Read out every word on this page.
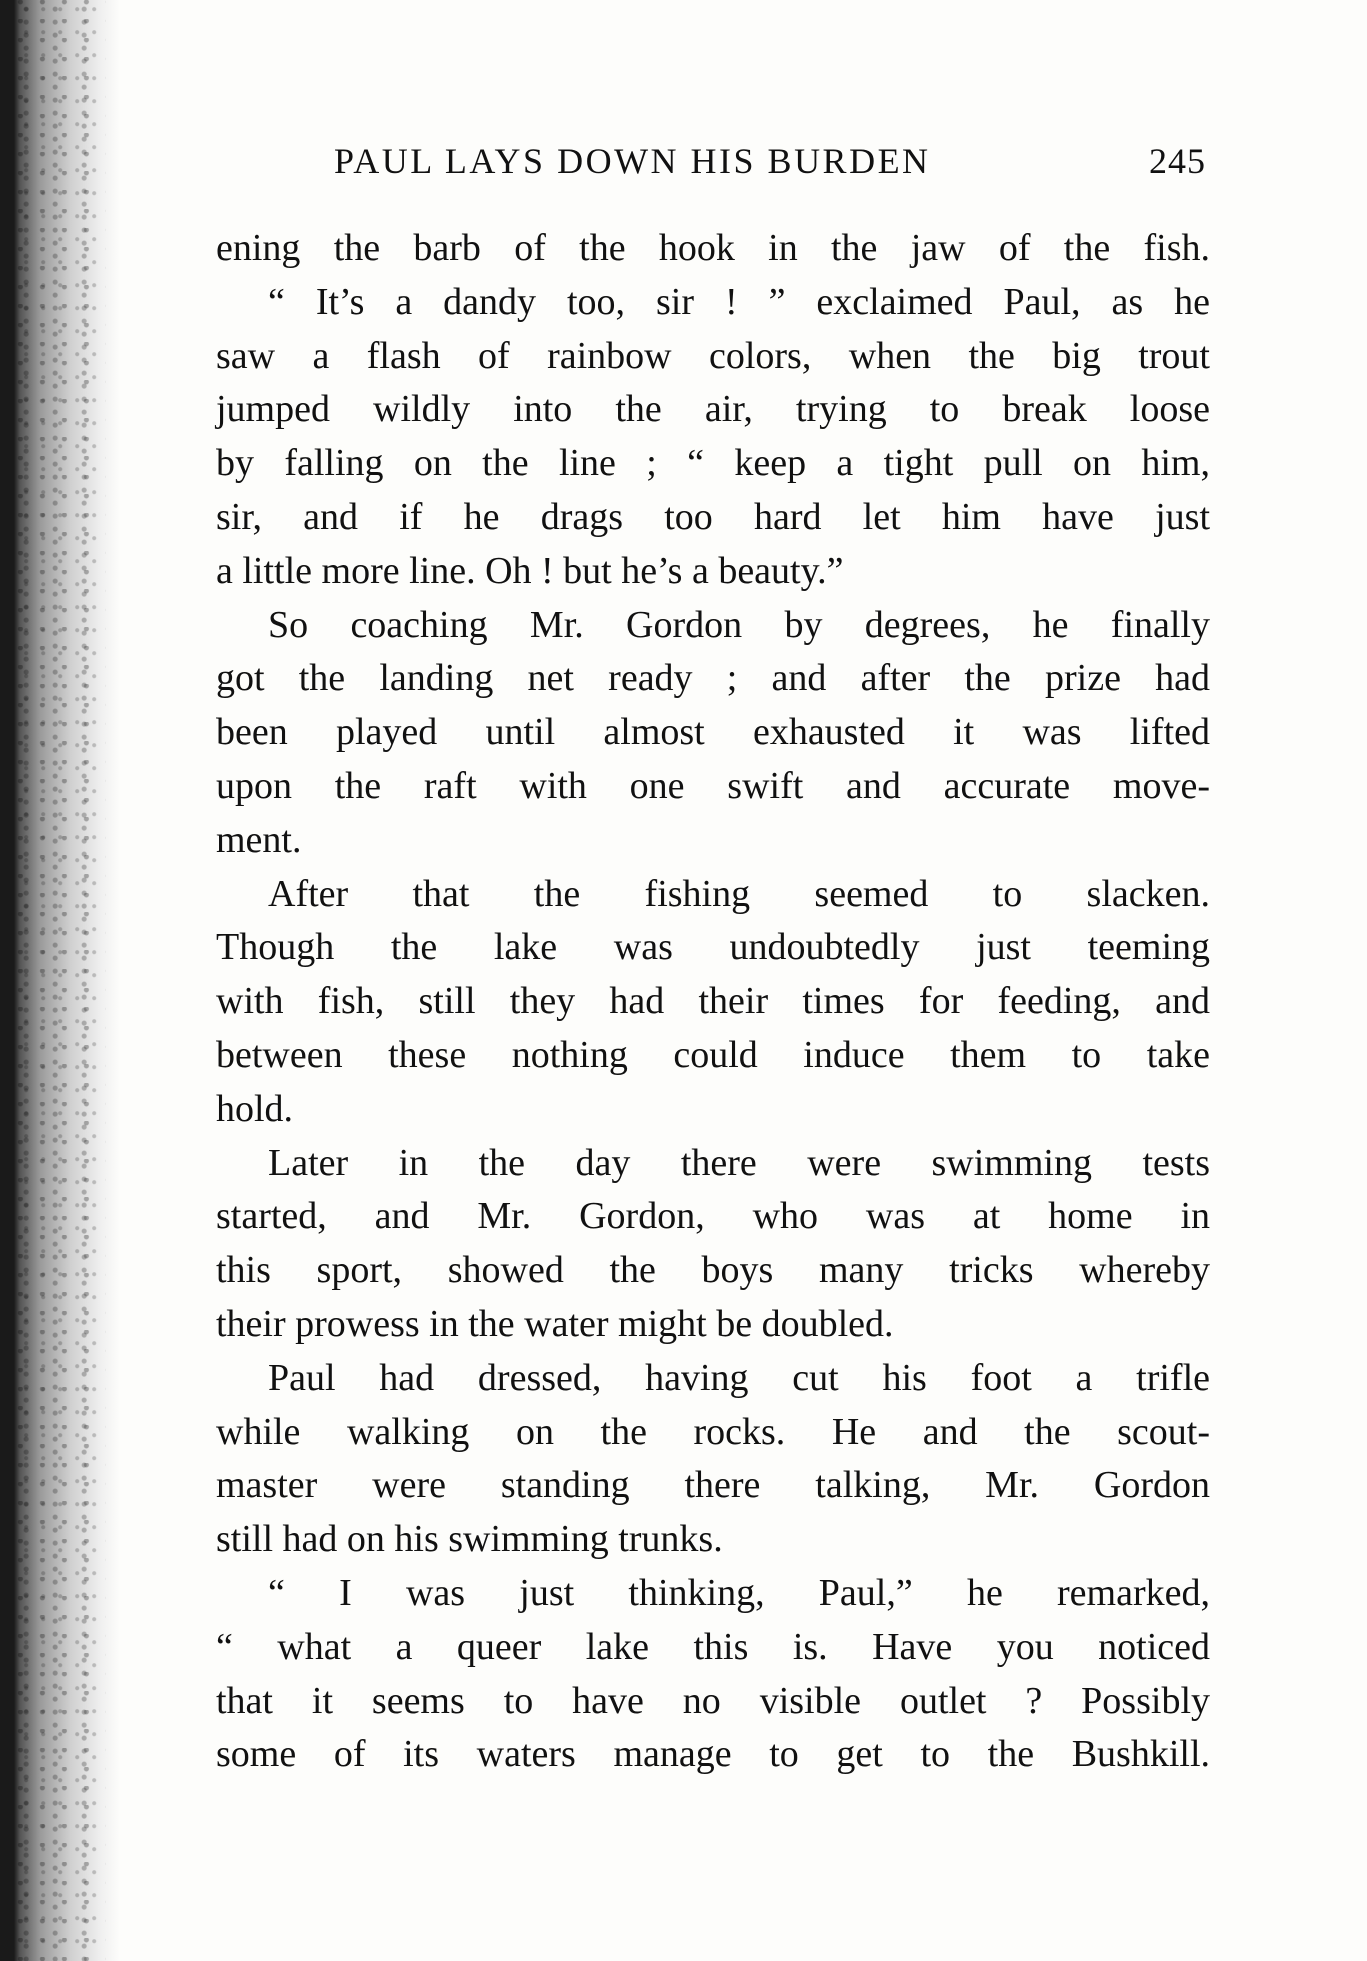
PAUL LAYS DOWN HIS BURDEN	245
ening the barb of the hook in the jaw of the fish.
“ It’s a dandy too, sir ! ” exclaimed Paul, as he
saw a flash of rainbow colors, when the big trout
jumped wildly into the air, trying to break loose
by falling on the line ; “ keep a tight pull on him,
sir, and if he drags too hard let him have just
a little more line. Oh ! but he’s a beauty.”
So coaching Mr. Gordon by degrees, he finally
got the landing net ready ; and after the prize had
been played until almost exhausted it was lifted
upon the raft with one swift and accurate move-
ment.
After that the fishing seemed to slacken.
Though the lake was undoubtedly just teeming
with fish, still they had their times for feeding, and
between these nothing could induce them to take
hold.
Later in the day there were swimming tests
started, and Mr. Gordon, who was at home in
this sport, showed the boys many tricks whereby
their prowess in the water might be doubled.
Paul had dressed, having cut his foot a trifle
while walking on the rocks. He and the scout-
master were standing there talking, Mr. Gordon
still had on his swimming trunks.
“ I was just thinking, Paul,” he remarked,
“ what a queer lake this is. Have you noticed
that it seems to have no visible outlet ? Possibly
some of its waters manage to get to the Bushkill.
